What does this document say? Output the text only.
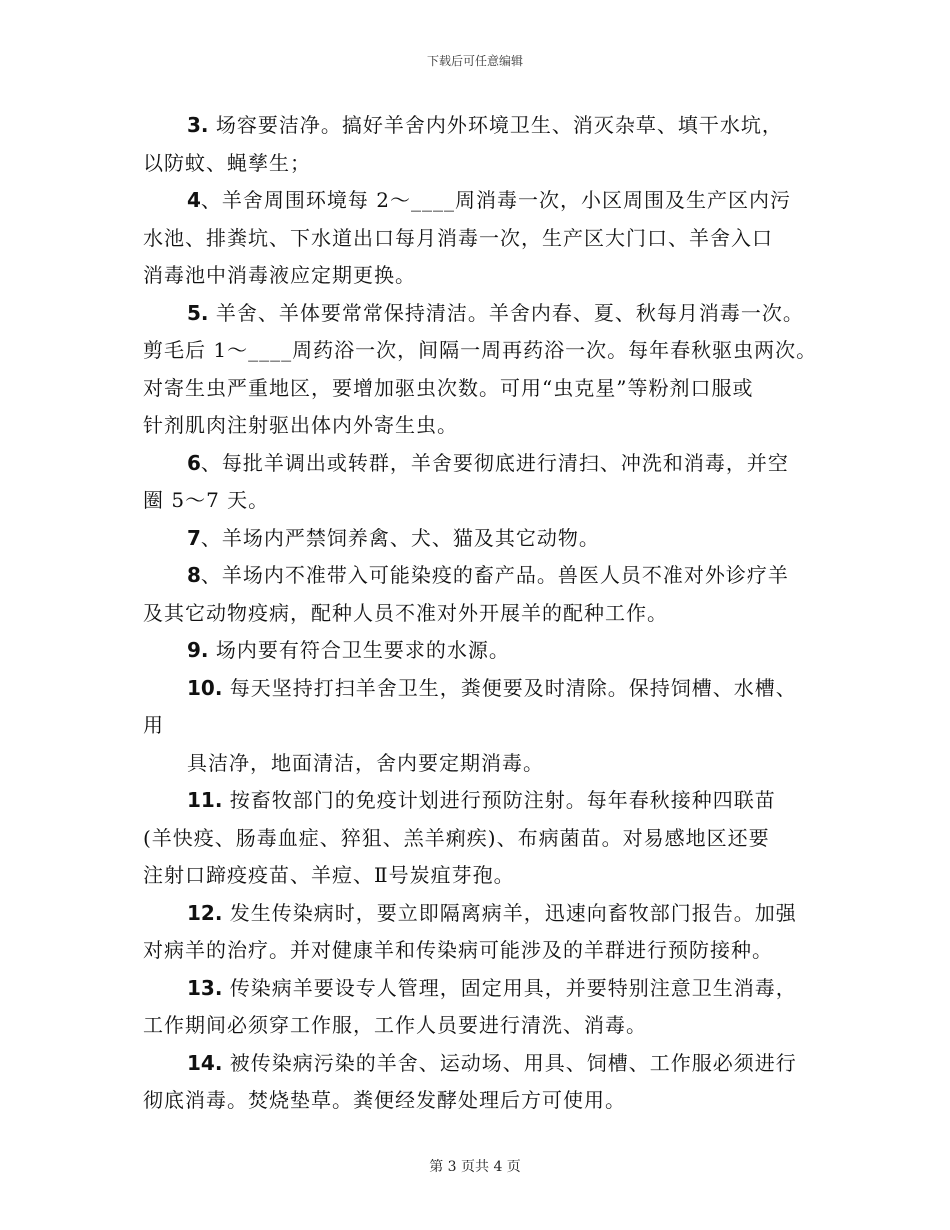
下载后可任意编辑
3. 场容要洁净。搞好羊舍内外环境卫生、消灭杂草、填干水坑，
以防蚊、蝇孳生；
4、羊舍周围环境每 2～____周消毒一次，小区周围及生产区内污
水池、排粪坑、下水道出口每月消毒一次，生产区大门口、羊舍入口
消毒池中消毒液应定期更换。
5. 羊舍、羊体要常常保持清洁。羊舍内春、夏、秋每月消毒一次。
剪毛后 1～____周药浴一次，间隔一周再药浴一次。每年春秋驱虫两次。
对寄生虫严重地区，要增加驱虫次数。可用“虫克星”等粉剂口服或
针剂肌肉注射驱出体内外寄生虫。
6、每批羊调出或转群，羊舍要彻底进行清扫、冲洗和消毒，并空
圈 5～7 天。
7、羊场内严禁饲养禽、犬、猫及其它动物。
8、羊场内不准带入可能染疫的畜产品。兽医人员不准对外诊疗羊
及其它动物疫病，配种人员不准对外开展羊的配种工作。
9. 场内要有符合卫生要求的水源。
10. 每天坚持打扫羊舍卫生，粪便要及时清除。保持饲槽、水槽、
用
具洁净，地面清洁，舍内要定期消毒。
11. 按畜牧部门的免疫计划进行预防注射。每年春秋接种四联苗
(羊快疫、肠毒血症、猝狙、羔羊痢疾)、布病菌苗。对易感地区还要
注射口蹄疫疫苗、羊痘、Ⅱ号炭疽芽孢。
12. 发生传染病时，要立即隔离病羊，迅速向畜牧部门报告。加强
对病羊的治疗。并对健康羊和传染病可能涉及的羊群进行预防接种。
13. 传染病羊要设专人管理，固定用具，并要特别注意卫生消毒，
工作期间必须穿工作服，工作人员要进行清洗、消毒。
14. 被传染病污染的羊舍、运动场、用具、饲槽、工作服必须进行
彻底消毒。焚烧垫草。粪便经发酵处理后方可使用。
第 3 页共 4 页
